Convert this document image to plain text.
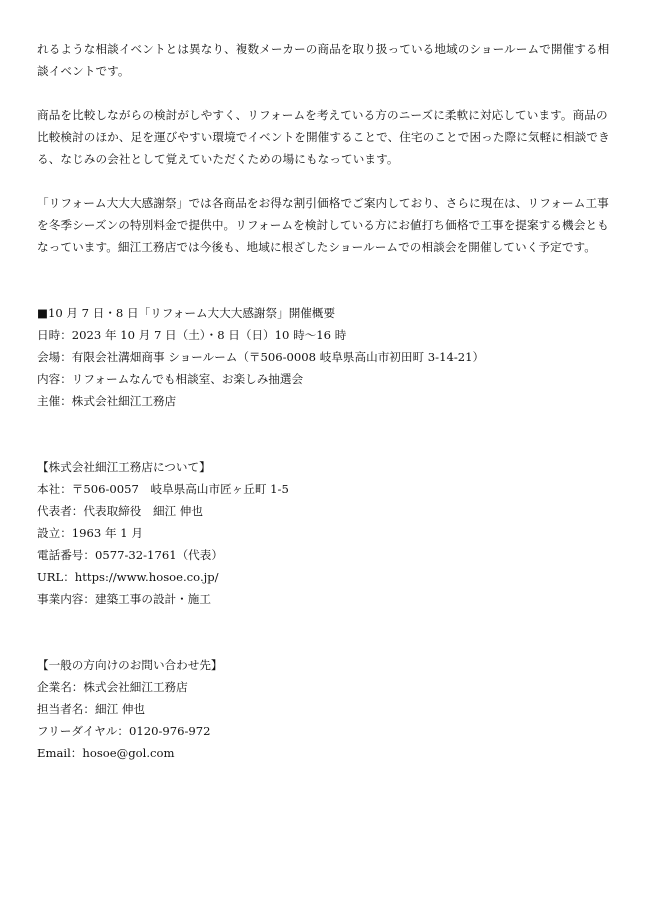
れるような相談イベントとは異なり、複数メーカーの商品を取り扱っている地域のショールームで開催する相談イベントです。

商品を比較しながらの検討がしやすく、リフォームを考えている方のニーズに柔軟に対応しています。商品の比較検討のほか、足を運びやすい環境でイベントを開催することで、住宅のことで困った際に気軽に相談できる、なじみの会社として覚えていただくための場にもなっています。

「リフォーム大大大感謝祭」では各商品をお得な割引価格でご案内しており、さらに現在は、リフォーム工事を冬季シーズンの特別料金で提供中。リフォームを検討している方にお値打ち価格で工事を提案する機会ともなっています。細江工務店では今後も、地域に根ざしたショールームでの相談会を開催していく予定です。

■10 月 7 日・8 日「リフォーム大大大感謝祭」開催概要

日時：2023 年 10 月 7 日（土）・8 日（日）10 時～16 時

会場：有限会社溝畑商事 ショールーム（〒506-0008 岐阜県高山市初田町 3-14-21）

内容：リフォームなんでも相談室、お楽しみ抽選会

主催：株式会社細江工務店

【株式会社細江工務店について】

本社：〒506-0057　岐阜県高山市匠ヶ丘町 1-5

代表者：代表取締役　細江 伸也

設立：1963 年 1 月

電話番号：0577-32-1761（代表）

URL：https://www.hosoe.co.jp/

事業内容：建築工事の設計・施工

【一般の方向けのお問い合わせ先】

企業名：株式会社細江工務店

担当者名：細江 伸也

フリーダイヤル：0120-976-972

Email：hosoe@gol.com
